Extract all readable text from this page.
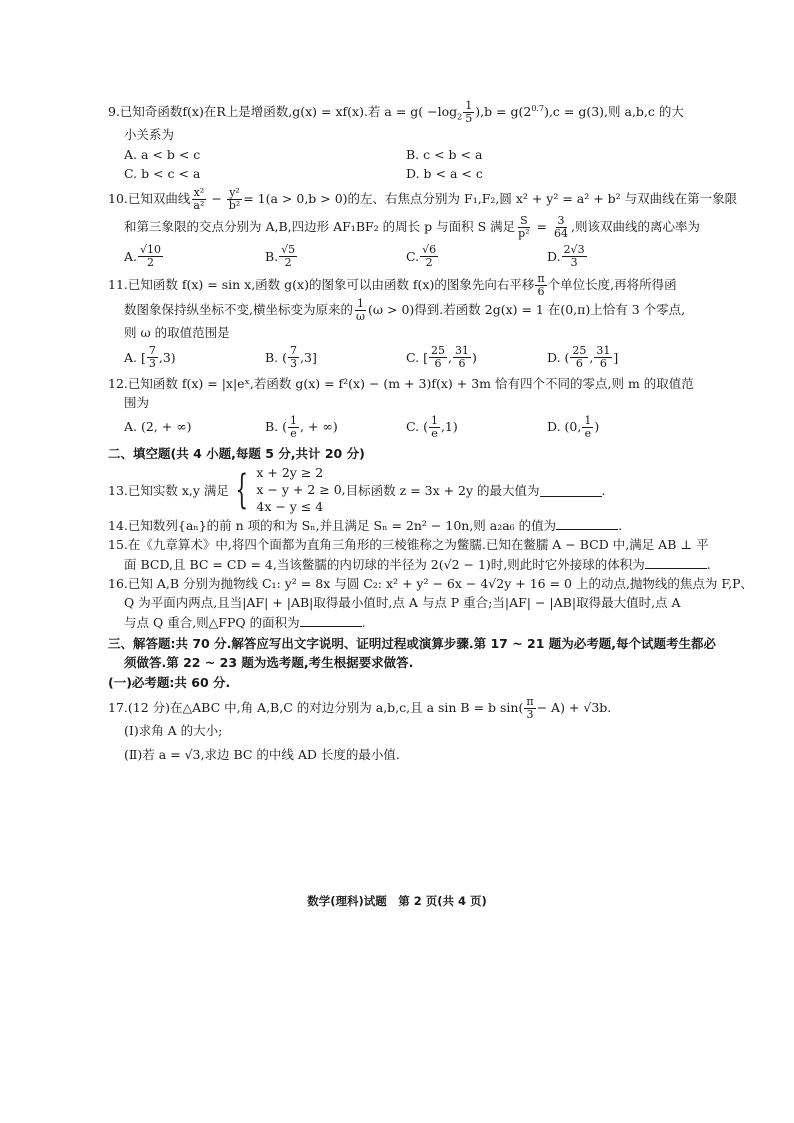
9.已知奇函数f(x)在R上是增函数,g(x) = xf(x).若 $a = g( -\log_2 \frac{1}{5} ),b = g(2^{0.7}),c = g(3)$,则 a,b,c 的大
小关系为
A. a < b < c	B. c < b < a
C. b < c < a	D. b < a < c
10.已知双曲线 $\frac{\text{x²}}{\text{a²}} - \frac{\text{y²}}{\text{b²}} = 1(a > 0,b > 0)$的左、右焦点分别为 F₁,F₂,圆 x² + y² = a² + b² 与双曲线在第一象限
和第三象限的交点分别为 A,B,四边形 AF₁BF₂ 的周长 p 与面积 S 满足 $\frac{S}{\text{p²}} = \frac{3}{64}$ ,则该双曲线的离心率为
A. $\frac{√10}{2}$	B. $\frac{√5}{2}$	C. $\frac{√6}{2}$	D. $\frac{2√3}{3}$
11.已知函数 f(x) = sin x,函数 g(x)的图象可以由函数 f(x)的图象先向右平移 $\frac{\pi}{6}$ 个单位长度,再将所得函
数图象保持纵坐标不变,横坐标变为原来的 $\frac{1}{\omega} (\omega > 0)$得到.若函数 2g(x) = 1 在(0,π)上恰有 3 个零点,
则 ω 的取值范围是
A. [ $\frac{7}{3} ,3$)	B. ( $\frac{7}{3} ,3$]	C. [ $\frac{25}{6}$ , $\frac{31}{6}$ )	D. ( $\frac{25}{6}$ , $\frac{31}{6}$ ]
12.已知函数 f(x) = |x|eˣ,若函数 g(x) = f²(x) − (m + 3)f(x) + 3m 恰有四个不同的零点,则 m 的取值范
围为
A. (2, + ∞)	B. ( $\frac{1}{e}$ , + ∞)	C. ( $\frac{1}{e} ,1$)	D. (0, $\frac{1}{e}$ )
二、填空题(共 4 小题,每题 5 分,共计 20 分)
13.已知实数 x,y 满足 { x + 2y ≥ 2
x − y + 2 ≥ 0,
4x − y ≤ 4
目标函数 z = 3x + 2y 的最大值为	.
14.已知数列{aₙ}的前 n 项的和为 Sₙ,并且满足 Sₙ = 2n² − 10n,则 a₂a₆ 的值为	.
15.在《九章算术》中,将四个面都为直角三角形的三棱锥称之为鳖臑.已知在鳖臑 A − BCD 中,满足 AB ⊥ 平
面 BCD,且 BC = CD = 4,当该鳖臑的内切球的半径为 2(√2 − 1)时,则此时它外接球的体积为	.
16.已知 A,B 分别为抛物线 C₁: y² = 8x 与圆 C₂: x² + y² − 6x − 4√2y + 16 = 0 上的动点,抛物线的焦点为 F,P、
Q 为平面内两点,且当|AF| + |AB|取得最小值时,点 A 与点 P 重合;当|AF| − |AB|取得最大值时,点 A
与点 Q 重合,则△FPQ 的面积为	.
三、解答题:共 70 分.解答应写出文字说明、证明过程或演算步骤.第 17 ~ 21 题为必考题,每个试题考生都必
须做答.第 22 ~ 23 题为选考题,考生根据要求做答.
(一)必考题:共 60 分.
17.(12 分)在△ABC 中,角 A,B,C 的对边分别为 a,b,c,且 a sin B = b $\sin( \frac{\pi}{3} - A) + √3b$.
(Ⅰ)求角 A 的大小;
(Ⅱ)若 a = √3,求边 BC 的中线 AD 长度的最小值.
数学(理科)试题　第 2 页(共 4 页)
